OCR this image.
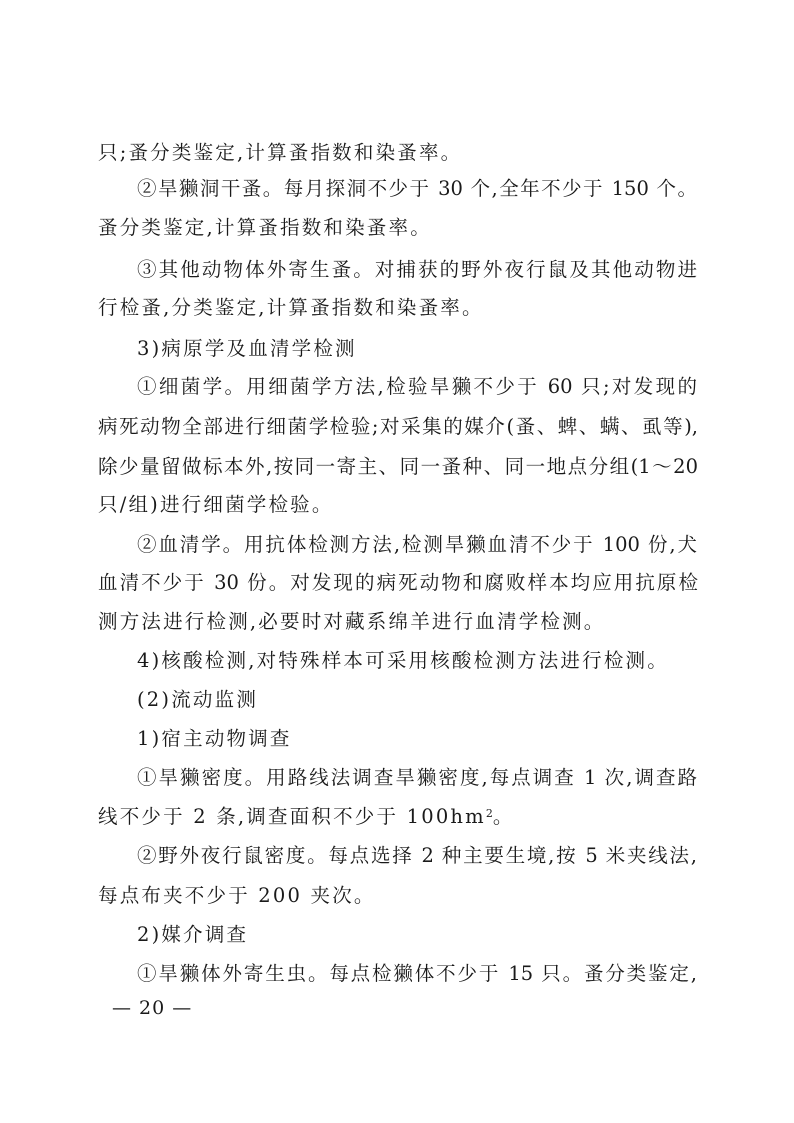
只;蚤分类鉴定,计算蚤指数和染蚤率。
②旱獭洞干蚤。每月探洞不少于 30 个,全年不少于 150 个。
蚤分类鉴定,计算蚤指数和染蚤率。
③其他动物体外寄生蚤。对捕获的野外夜行鼠及其他动物进
行检蚤,分类鉴定,计算蚤指数和染蚤率。
3)病原学及血清学检测
①细菌学。用细菌学方法,检验旱獭不少于 60 只;对发现的
病死动物全部进行细菌学检验;对采集的媒介(蚤、蜱、螨、虱等),
除少量留做标本外,按同一寄主、同一蚤种、同一地点分组(1～20
只/组)进行细菌学检验。
②血清学。用抗体检测方法,检测旱獭血清不少于 100 份,犬
血清不少于 30 份。对发现的病死动物和腐败样本均应用抗原检
测方法进行检测,必要时对藏系绵羊进行血清学检测。
4)核酸检测,对特殊样本可采用核酸检测方法进行检测。
(2)流动监测
1)宿主动物调查
①旱獭密度。用路线法调查旱獭密度,每点调查 1 次,调查路
线不少于 2 条,调查面积不少于 $100hm^2$。
②野外夜行鼠密度。每点选择 2 种主要生境,按 5 米夹线法,
每点布夹不少于 200 夹次。
2)媒介调查
①旱獭体外寄生虫。每点检獭体不少于 15 只。蚤分类鉴定,
— 20 —
